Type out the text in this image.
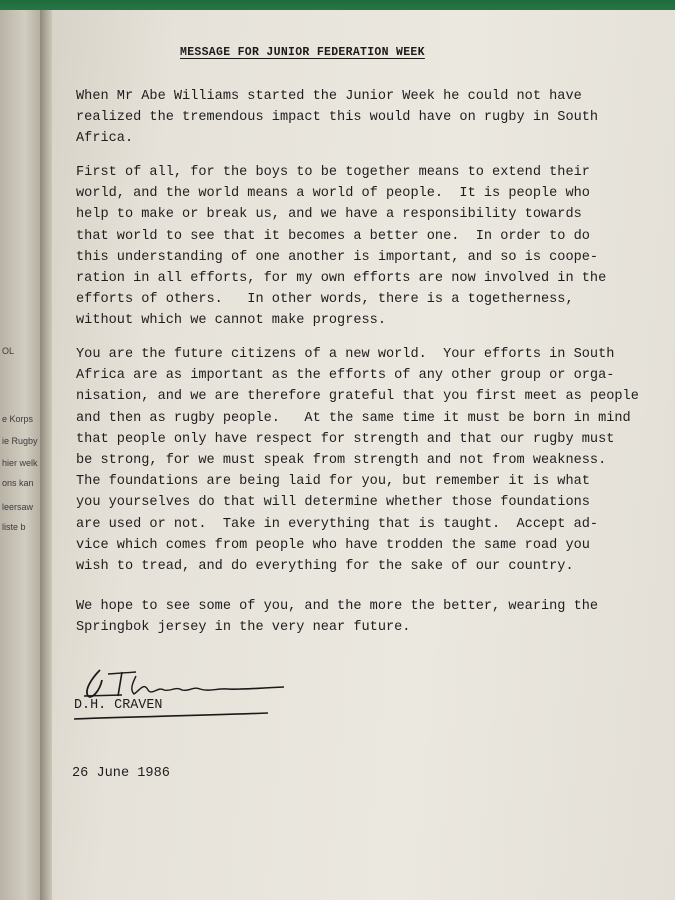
OL
e Korps
ie Rugby
hier welk
ons kan
leersaw
liste b
MESSAGE FOR JUNIOR FEDERATION WEEK

When Mr Abe Williams started the Junior Week he could not have
realized the tremendous impact this would have on rugby in South
Africa.

First of all, for the boys to be together means to extend their
world, and the world means a world of people.  It is people who
help to make or break us, and we have a responsibility towards
that world to see that it becomes a better one.  In order to do
this understanding of one another is important, and so is coope-
ration in all efforts, for my own efforts are now involved in the
efforts of others.   In other words, there is a togetherness,
without which we cannot make progress.

You are the future citizens of a new world.  Your efforts in South
Africa are as important as the efforts of any other group or orga-
nisation, and we are therefore grateful that you first meet as people
and then as rugby people.   At the same time it must be born in mind
that people only have respect for strength and that our rugby must
be strong, for we must speak from strength and not from weakness.
The foundations are being laid for you, but remember it is what
you yourselves do that will determine whether those foundations
are used or not.  Take in everything that is taught.  Accept ad-
vice which comes from people who have trodden the same road you
wish to tread, and do everything for the sake of our country.

We hope to see some of you, and the more the better, wearing the
Springbok jersey in the very near future.

D.H. CRAVEN
26 June 1986
